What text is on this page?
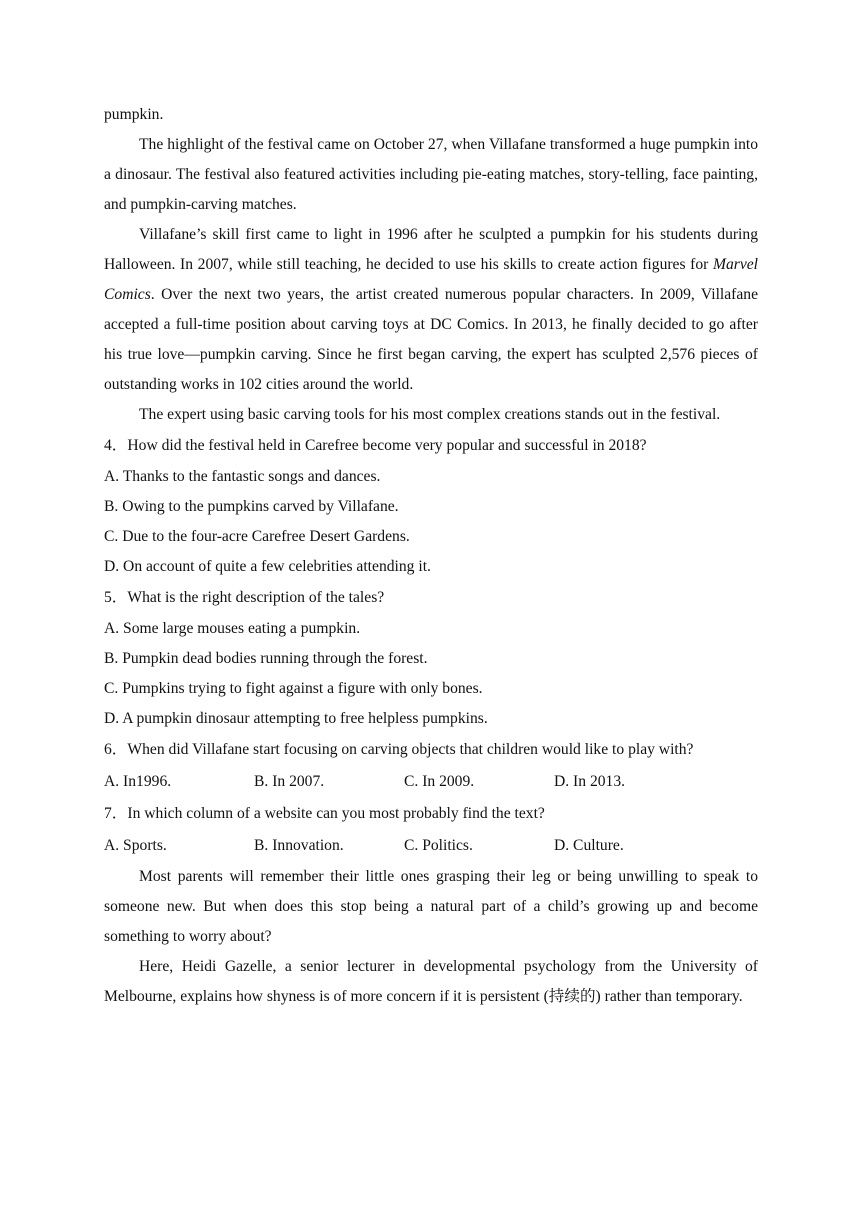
pumpkin.

The highlight of the festival came on October 27, when Villafane transformed a huge pumpkin into a dinosaur. The festival also featured activities including pie-eating matches, story-telling, face painting, and pumpkin-carving matches.

Villafane’s skill first came to light in 1996 after he sculpted a pumpkin for his students during Halloween. In 2007, while still teaching, he decided to use his skills to create action figures for Marvel Comics. Over the next two years, the artist created numerous popular characters. In 2009, Villafane accepted a full-time position about carving toys at DC Comics. In 2013, he finally decided to go after his true love—pumpkin carving. Since he first began carving, the expert has sculpted 2,576 pieces of outstanding works in 102 cities around the world.

The expert using basic carving tools for his most complex creations stands out in the festival.

4．How did the festival held in Carefree become very popular and successful in 2018?

A. Thanks to the fantastic songs and dances.

B. Owing to the pumpkins carved by Villafane.

C. Due to the four-acre Carefree Desert Gardens.

D. On account of quite a few celebrities attending it.

5．What is the right description of the tales?

A. Some large mouses eating a pumpkin.

B. Pumpkin dead bodies running through the forest.

C. Pumpkins trying to fight against a figure with only bones.

D. A pumpkin dinosaur attempting to free helpless pumpkins.

6．When did Villafane start focusing on carving objects that children would like to play with?

A. In1996.	B. In 2007.	C. In 2009.	D. In 2013.

7．In which column of a website can you most probably find the text?

A. Sports.	B. Innovation.	C. Politics.	D. Culture.

Most parents will remember their little ones grasping their leg or being unwilling to speak to someone new. But when does this stop being a natural part of a child’s growing up and become something to worry about?

Here, Heidi Gazelle, a senior lecturer in developmental psychology from the University of Melbourne, explains how shyness is of more concern if it is persistent (持续的) rather than temporary.
